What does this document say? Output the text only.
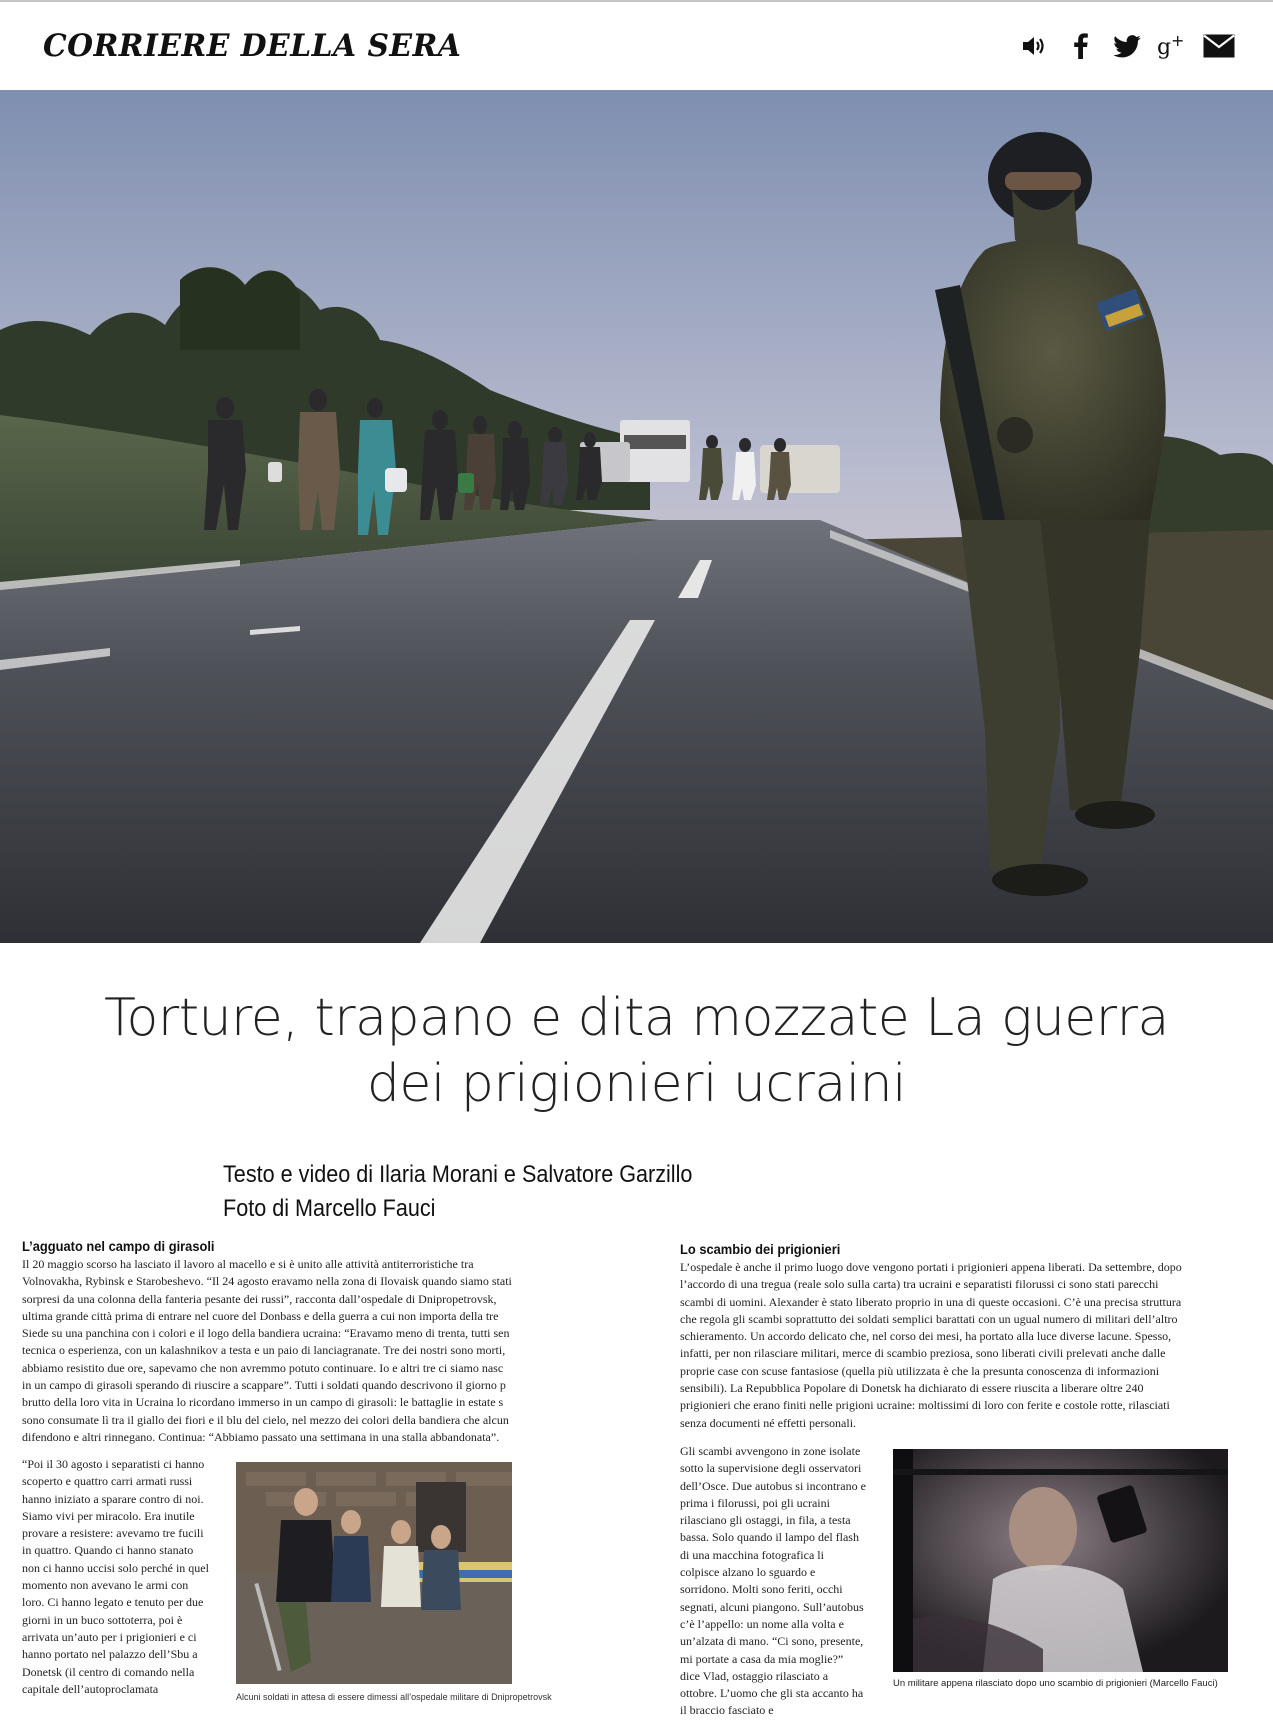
CORRIERE DELLA SERA	g +
Torture, trapano e dita mozzate La guerra dei prigionieri ucraini
Testo e video di Ilaria Morani e Salvatore Garzillo
Foto di Marcello Fauci
L’agguato nel campo di girasoli
Il 20 maggio scorso ha lasciato il lavoro al macello e si è unito alle attività antiterroristiche tra
Volnovakha, Rybinsk e Starobeshevo. “Il 24 agosto eravamo nella zona di Ilovaisk quando siamo stati
sorpresi da una colonna della fanteria pesante dei russi”, racconta dall’ospedale di Dnipropetrovsk,
ultima grande città prima di entrare nel cuore del Donbass e della guerra a cui non importa della tre
Siede su una panchina con i colori e il logo della bandiera ucraina: “Eravamo meno di trenta, tutti sen
tecnica o esperienza, con un kalashnikov a testa e un paio di lanciagranate. Tre dei nostri sono morti,
abbiamo resistito due ore, sapevamo che non avremmo potuto continuare. Io e altri tre ci siamo nasc
in un campo di girasoli sperando di riuscire a scappare”. Tutti i soldati quando descrivono il giorno p
brutto della loro vita in Ucraina lo ricordano immerso in un campo di girasoli: le battaglie in estate s
sono consumate lì tra il giallo dei fiori e il blu del cielo, nel mezzo dei colori della bandiera che alcun
difendono e altri rinnegano. Continua: “Abbiamo passato una settimana in una stalla abbandonata”.

“Poi il 30 agosto i separatisti ci hanno scoperto e quattro carri armati russi hanno iniziato a sparare contro di noi. Siamo vivi per miracolo. Era inutile provare a resistere: avevamo tre fucili in quattro. Quando ci hanno stanato non ci hanno uccisi solo perché in quel momento non avevano le armi con loro. Ci hanno legato e tenuto per due giorni in un buco sottoterra, poi è arrivata un’auto per i prigionieri e ci hanno portato nel palazzo dell’Sbu a Donetsk (il centro di comando nella capitale dell’autoproclamata

Alcuni soldati in attesa di essere dimessi all’ospedale militare di Dnipropetrovsk
Lo scambio dei prigionieri
L’ospedale è anche il primo luogo dove vengono portati i prigionieri appena liberati. Da settembre, dopo
l’accordo di una tregua (reale solo sulla carta) tra ucraini e separatisti filorussi ci sono stati parecchi
scambi di uomini. Alexander è stato liberato proprio in una di queste occasioni. C’è una precisa struttura
che regola gli scambi soprattutto dei soldati semplici barattati con un ugual numero di militari dell’altro
schieramento. Un accordo delicato che, nel corso dei mesi, ha portato alla luce diverse lacune. Spesso,
infatti, per non rilasciare militari, merce di scambio preziosa, sono liberati civili prelevati anche dalle
proprie case con scuse fantasiose (quella più utilizzata è che la presunta conoscenza di informazioni
sensibili). La Repubblica Popolare di Donetsk ha dichiarato di essere riuscita a liberare oltre 240
prigionieri che erano finiti nelle prigioni ucraine: moltissimi di loro con ferite e costole rotte, rilasciati
senza documenti né effetti personali.

Gli scambi avvengono in zone isolate sotto la supervisione degli osservatori dell’Osce. Due autobus si incontrano e prima i filorussi, poi gli ucraini rilasciano gli ostaggi, in fila, a testa bassa. Solo quando il lampo del flash di una macchina fotografica li colpisce alzano lo sguardo e sorridono. Molti sono feriti, occhi segnati, alcuni piangono. Sull’autobus c’è l’appello: un nome alla volta e un’alzata di mano. “Ci sono, presente, mi portate a casa da mia moglie?” dice Vlad, ostaggio rilasciato a ottobre. L’uomo che gli sta accanto ha il braccio fasciato e

Un militare appena rilasciato dopo uno scambio di prigionieri (Marcello Fauci)
